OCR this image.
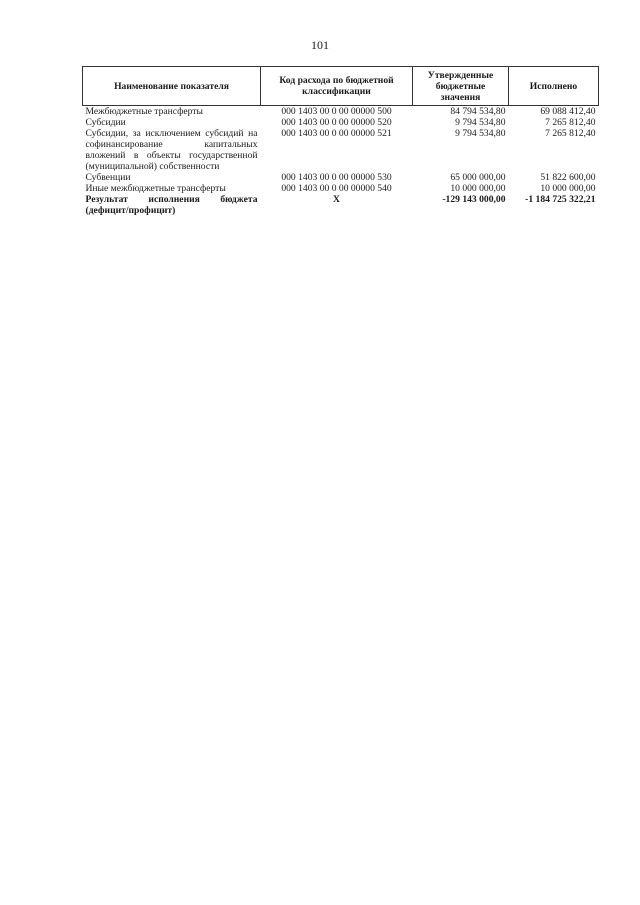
101
Наименование показателя	Код расхода по бюджетной классификации	Утвержденные бюджетные значения	Исполнено
Межбюджетные трансферты	000 1403 00 0 00 00000 500	84 794 534,80	69 088 412,40
Субсидии	000 1403 00 0 00 00000 520	9 794 534,80	7 265 812,40
Субсидии, за исключением субсидий на софинансирование капитальных вложений в объекты государственной (муниципальной) собственности	000 1403 00 0 00 00000 521	9 794 534,80	7 265 812,40
Субвенции	000 1403 00 0 00 00000 530	65 000 000,00	51 822 600,00
Иные межбюджетные трансферты	000 1403 00 0 00 00000 540	10 000 000,00	10 000 000,00
Результат исполнения бюджета (дефицит/профицит)	X	-129 143 000,00	-1 184 725 322,21
